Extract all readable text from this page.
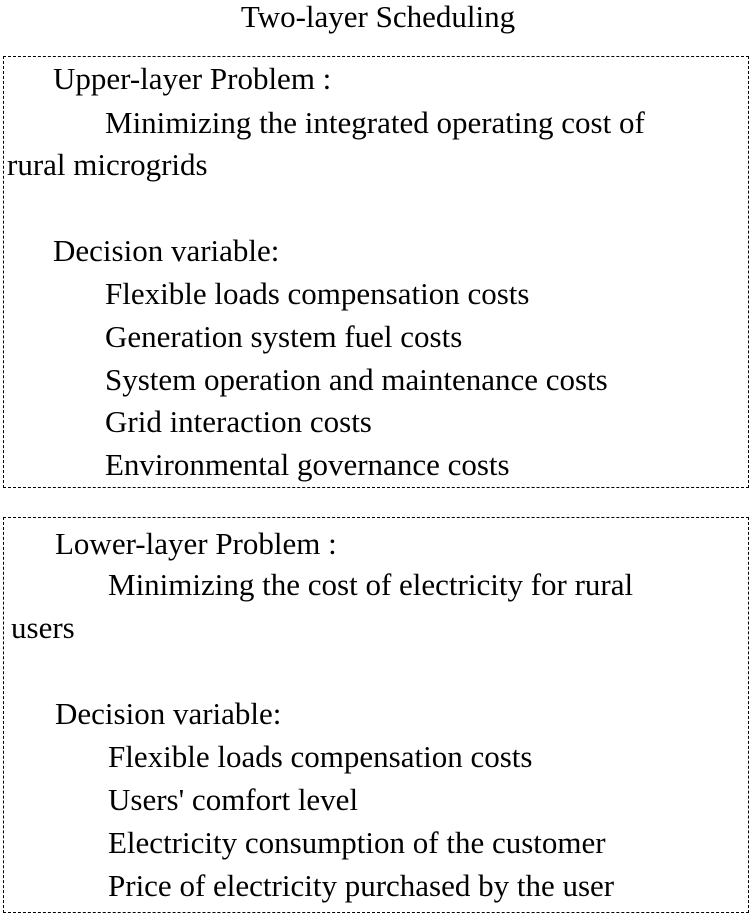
Two-layer Scheduling
Upper-layer Problem :
Minimizing the integrated operating cost of
rural microgrids
Decision variable:
Flexible loads compensation costs
Generation system fuel costs
System operation and maintenance costs
Grid interaction costs
Environmental governance costs
Lower-layer Problem :
Minimizing the cost of electricity for rural
users
Decision variable:
Flexible loads compensation costs
Users' comfort level
Electricity consumption of the customer
Price of electricity purchased by the user
